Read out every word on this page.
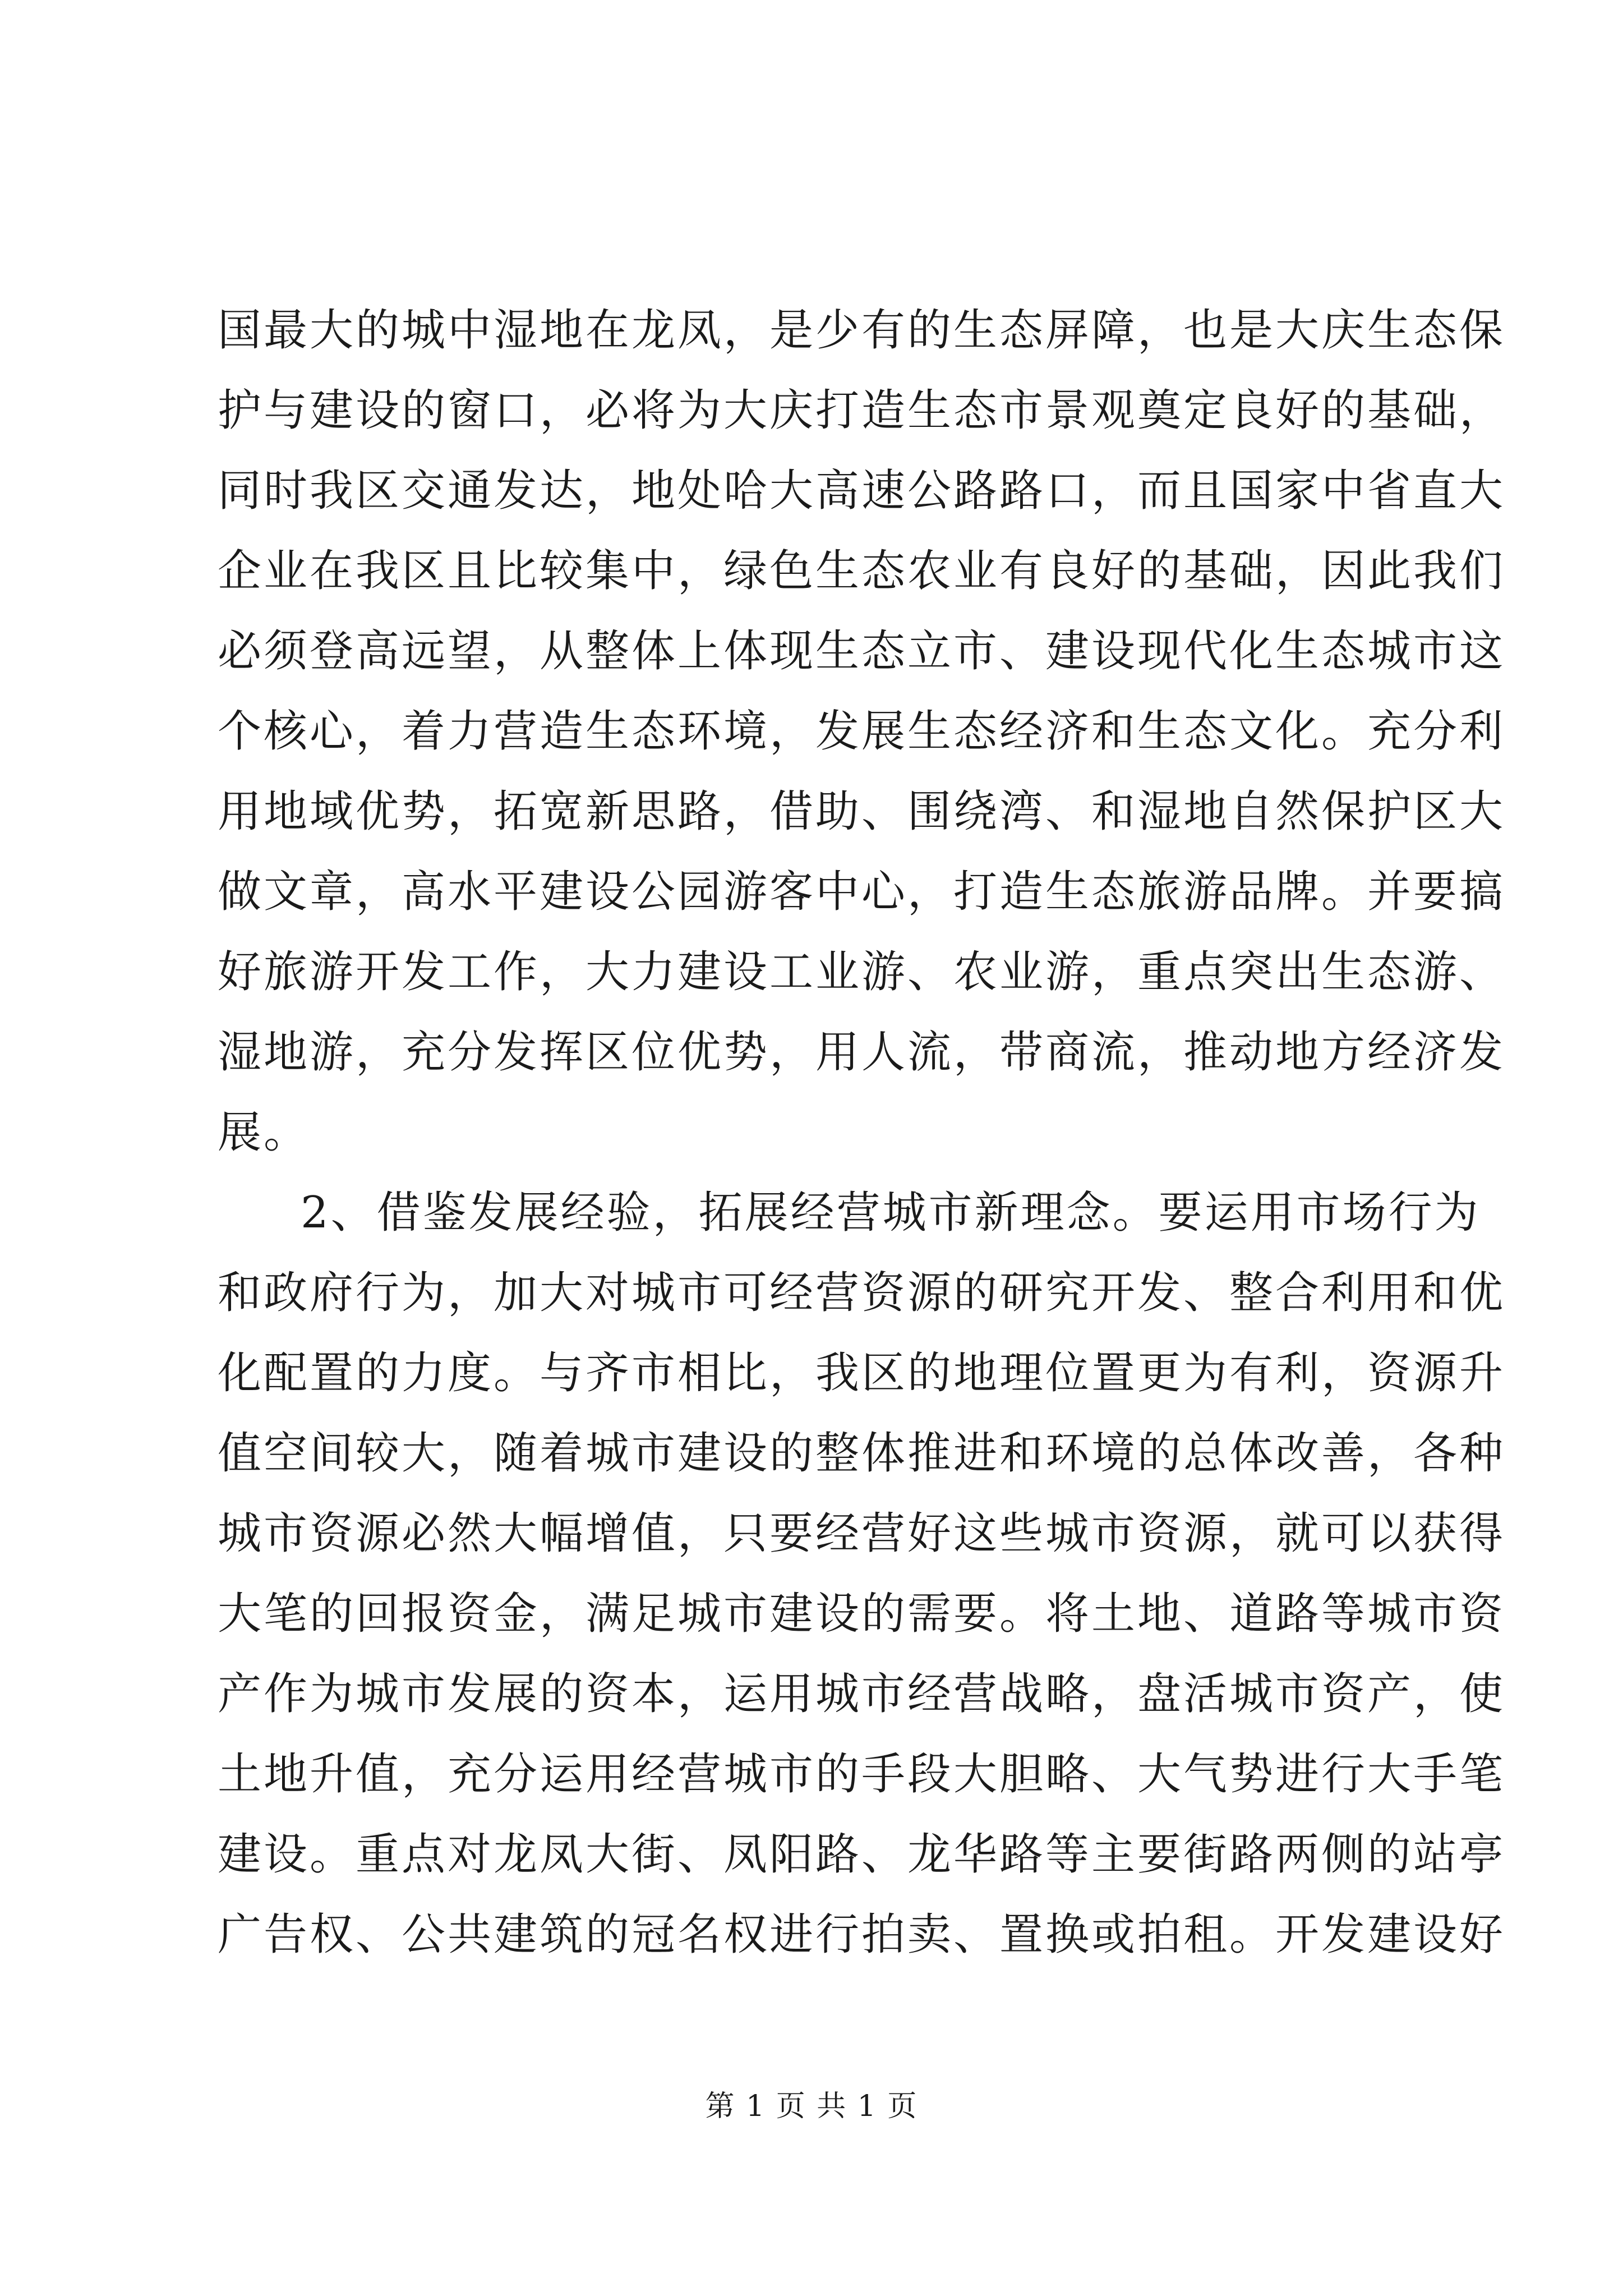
国最大的城中湿地在龙凤，是少有的生态屏障，也是大庆生态保
护与建设的窗口，必将为大庆打造生态市景观奠定良好的基础，
同时我区交通发达，地处哈大高速公路路口，而且国家中省直大
企业在我区且比较集中，绿色生态农业有良好的基础，因此我们
必须登高远望，从整体上体现生态立市、建设现代化生态城市这
个核心，着力营造生态环境，发展生态经济和生态文化。充分利
用地域优势，拓宽新思路，借助、围绕湾、和湿地自然保护区大
做文章，高水平建设公园游客中心，打造生态旅游品牌。并要搞
好旅游开发工作，大力建设工业游、农业游，重点突出生态游、
湿地游，充分发挥区位优势，用人流，带商流，推动地方经济发
展。
2、借鉴发展经验，拓展经营城市新理念。要运用市场行为
和政府行为，加大对城市可经营资源的研究开发、整合利用和优
化配置的力度。与齐市相比，我区的地理位置更为有利，资源升
值空间较大，随着城市建设的整体推进和环境的总体改善，各种
城市资源必然大幅增值，只要经营好这些城市资源，就可以获得
大笔的回报资金，满足城市建设的需要。将土地、道路等城市资
产作为城市发展的资本，运用城市经营战略，盘活城市资产，使
土地升值，充分运用经营城市的手段大胆略、大气势进行大手笔
建设。重点对龙凤大街、凤阳路、龙华路等主要街路两侧的站亭
广告权、公共建筑的冠名权进行拍卖、置换或拍租。开发建设好
第 1 页 共 1 页
